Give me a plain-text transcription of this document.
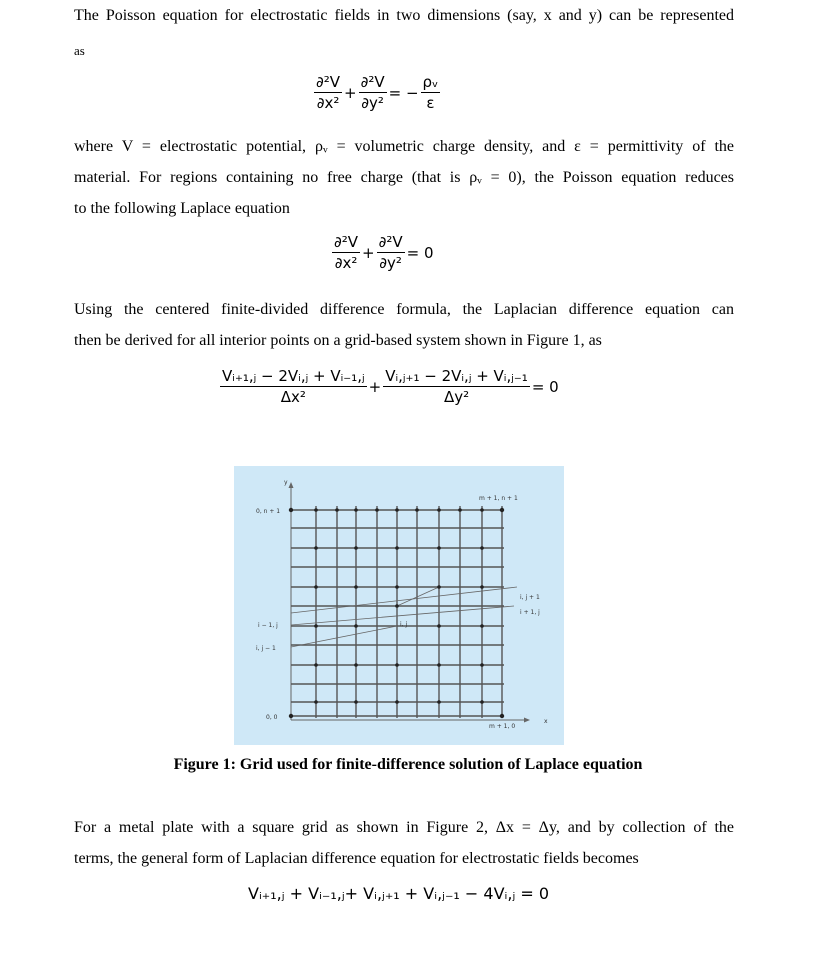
The Poisson equation for electrostatic fields in two dimensions (say, x and y) can be represented
as
$\frac{\text{∂²V}}{\text{∂x²}} + \frac{\text{∂²V}}{\text{∂y²}}$ = − $\frac{\text{ρᵥ}}{\varepsilon}$
where V = electrostatic potential, ρᵥ = volumetric charge density, and ε = permittivity of the
material. For regions containing no free charge (that is ρᵥ = 0), the Poisson equation reduces
to the following Laplace equation
$\frac{\text{∂²V}}{\text{∂x²}} + \frac{\text{∂²V}}{\text{∂y²}} = 0$
Using the centered finite-divided difference formula, the Laplacian difference equation can
then be derived for all interior points on a grid-based system shown in Figure 1, as
$\frac{\text{Vᵢ₊₁,ⱼ − 2Vᵢ,ⱼ + Vᵢ₋₁,ⱼ}}{\text{Δx²}} + \frac{\text{Vᵢ,ⱼ₊₁ − 2Vᵢ,ⱼ + Vᵢ,ⱼ₋₁}}{\text{Δy²}} = 0$
y
x
0, n + 1
m + 1, n + 1
0, 0
m + 1, 0
i, j + 1
i + 1, j
i − 1, j	i, j
i, j − 1
Figure 1: Grid used for finite-difference solution of Laplace equation
For a metal plate with a square grid as shown in Figure 2, Δx = Δy, and by collection of the
terms, the general form of Laplacian difference equation for electrostatic fields becomes
Vᵢ₊₁,ⱼ + Vᵢ₋₁,ⱼ+ Vᵢ,ⱼ₊₁ + Vᵢ,ⱼ₋₁ − 4Vᵢ,ⱼ = 0
